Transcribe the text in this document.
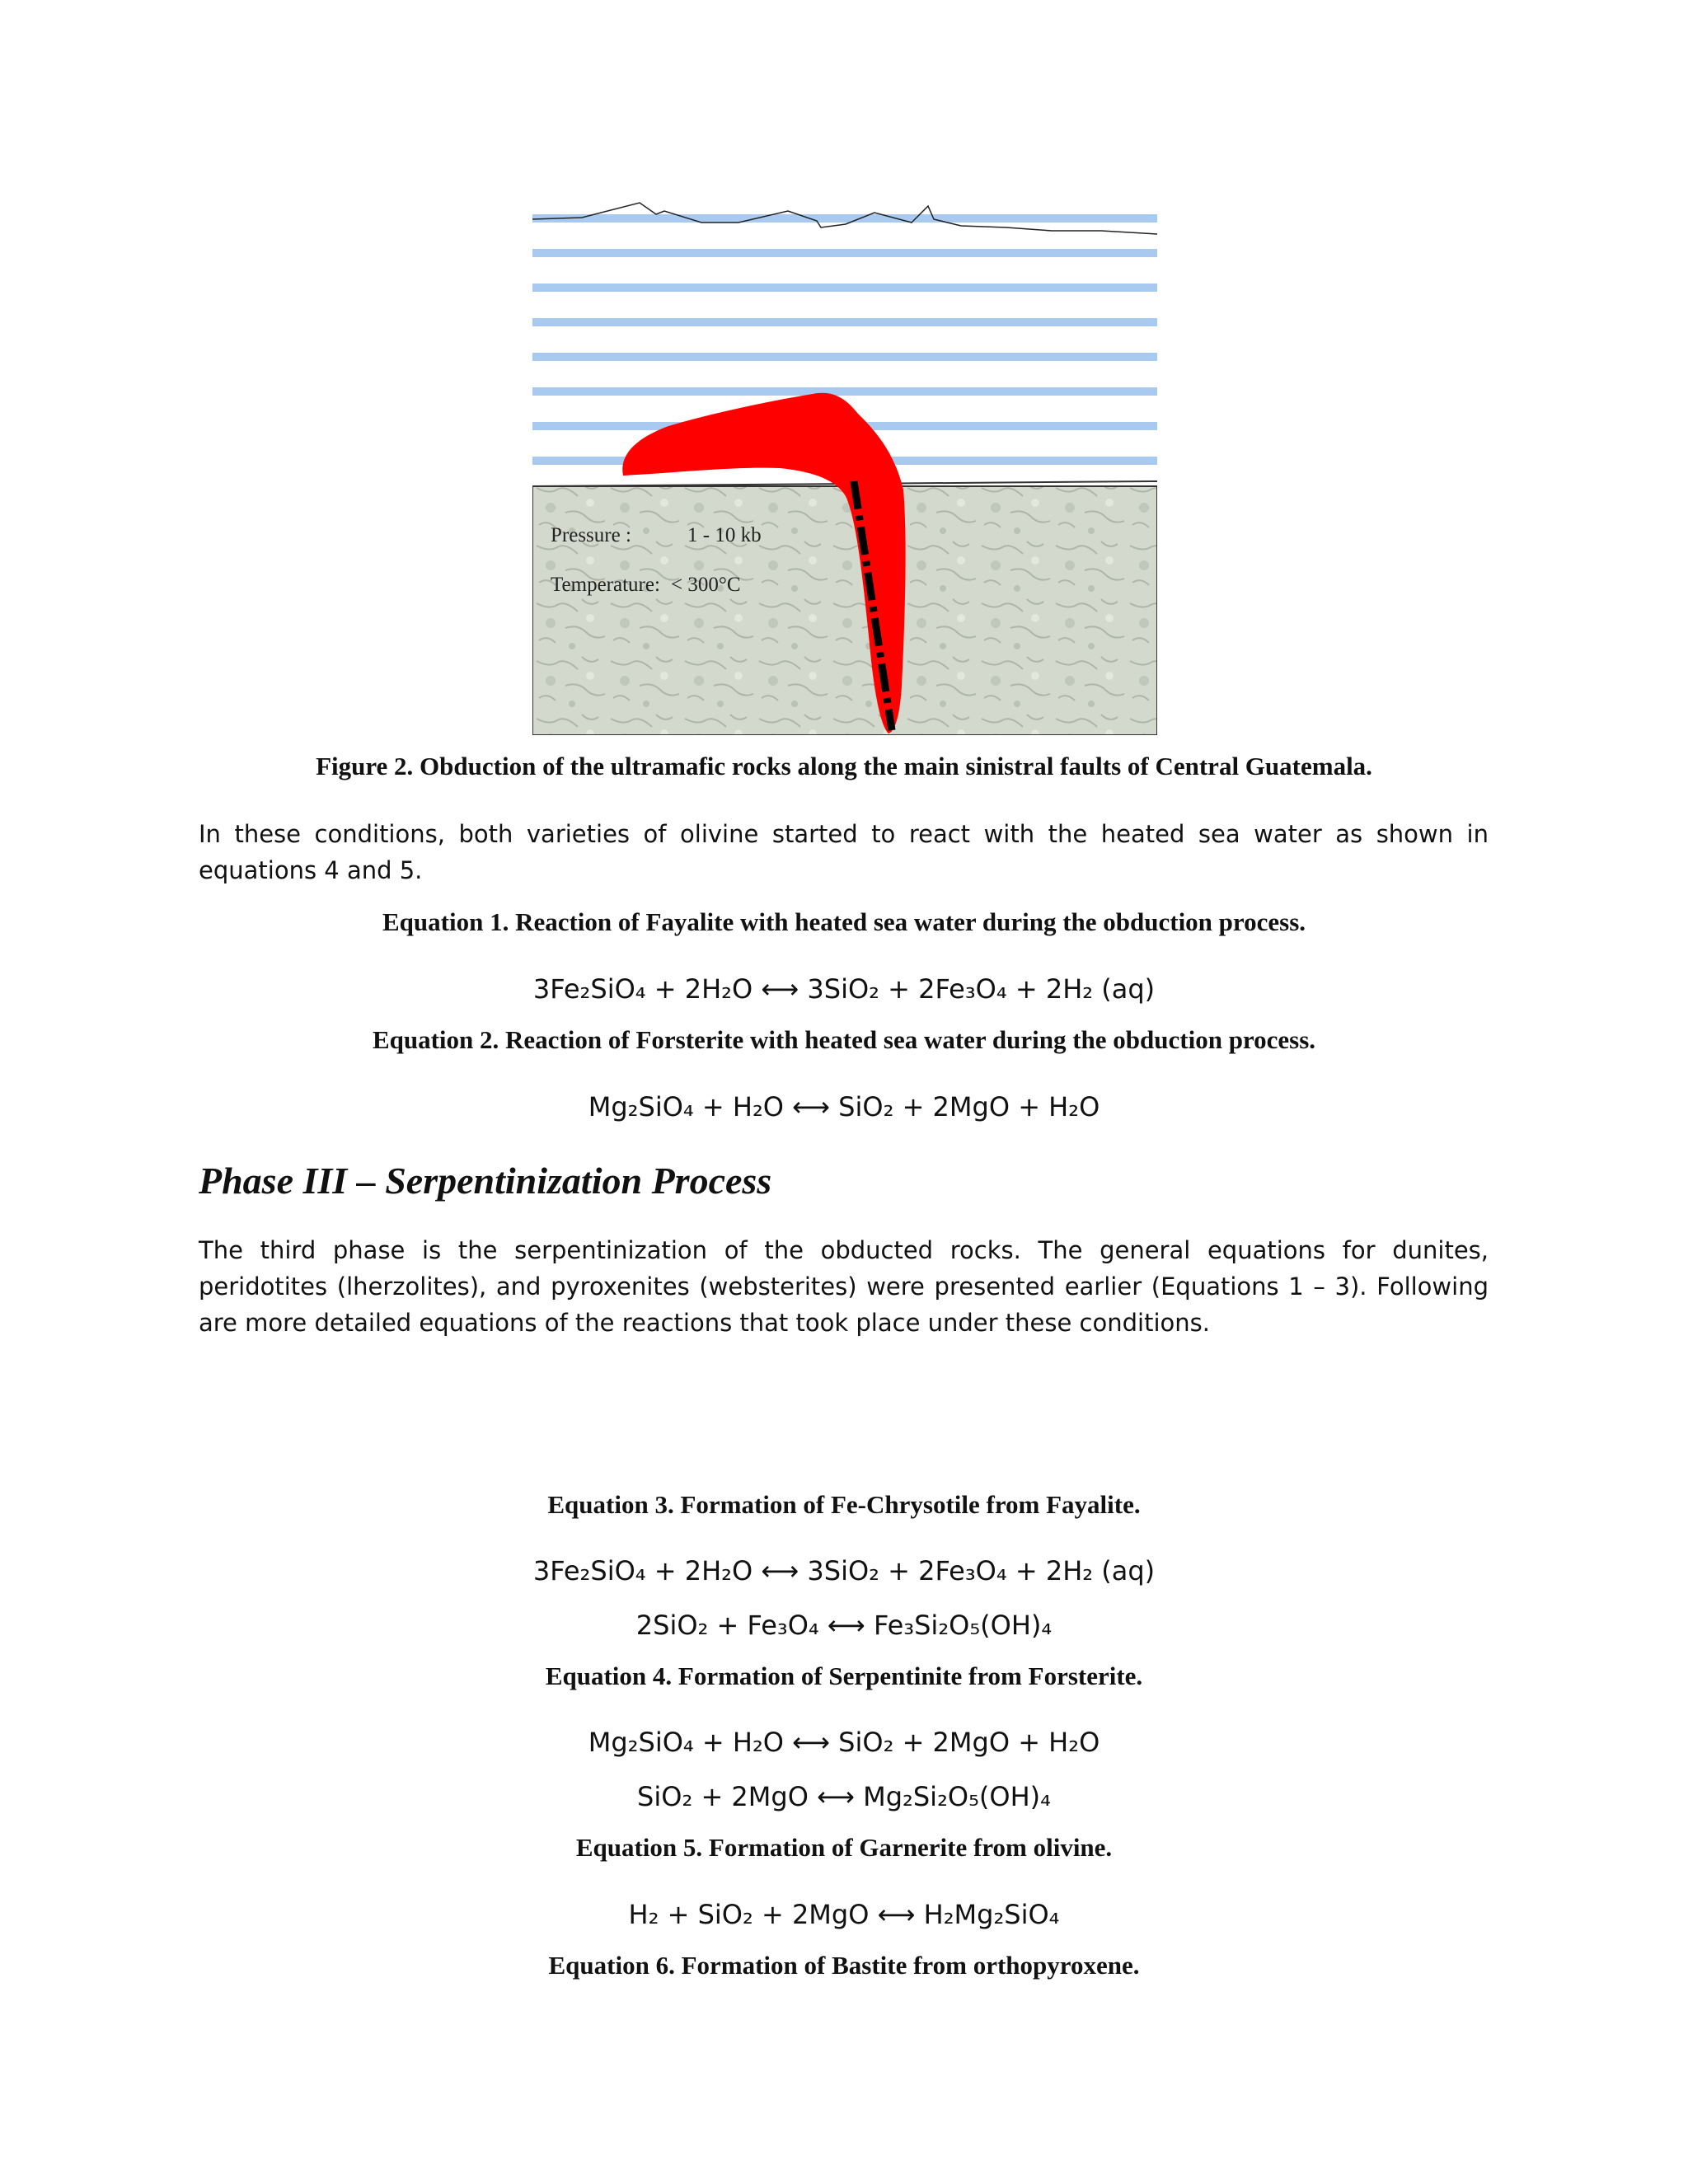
Pressure :	1 - 10 kb
Temperature: < 300°C
Figure 2. Obduction of the ultramafic rocks along the main sinistral faults of Central Guatemala.
In these conditions, both varieties of olivine started to react with the heated sea water as shown in equations 4 and 5.
Equation 1. Reaction of Fayalite with heated sea water during the obduction process.
3Fe₂SiO₄ + 2H₂O ⟷ 3SiO₂ + 2Fe₃O₄ + 2H₂ (aq)
Equation 2. Reaction of Forsterite with heated sea water during the obduction process.
Mg₂SiO₄ + H₂O ⟷ SiO₂ + 2MgO + H₂O
Phase III – Serpentinization Process
The third phase is the serpentinization of the obducted rocks. The general equations for dunites, peridotites (lherzolites), and pyroxenites (websterites) were presented earlier (Equations 1 – 3). Following are more detailed equations of the reactions that took place under these conditions.
Equation 3. Formation of Fe-Chrysotile from Fayalite.
3Fe₂SiO₄ + 2H₂O ⟷ 3SiO₂ + 2Fe₃O₄ + 2H₂ (aq)
2SiO₂ + Fe₃O₄ ⟷ Fe₃Si₂O₅(OH)₄
Equation 4. Formation of Serpentinite from Forsterite.
Mg₂SiO₄ + H₂O ⟷ SiO₂ + 2MgO + H₂O
SiO₂ + 2MgO ⟷ Mg₂Si₂O₅(OH)₄
Equation 5. Formation of Garnerite from olivine.
H₂ + SiO₂ + 2MgO ⟷ H₂Mg₂SiO₄
Equation 6. Formation of Bastite from orthopyroxene.
